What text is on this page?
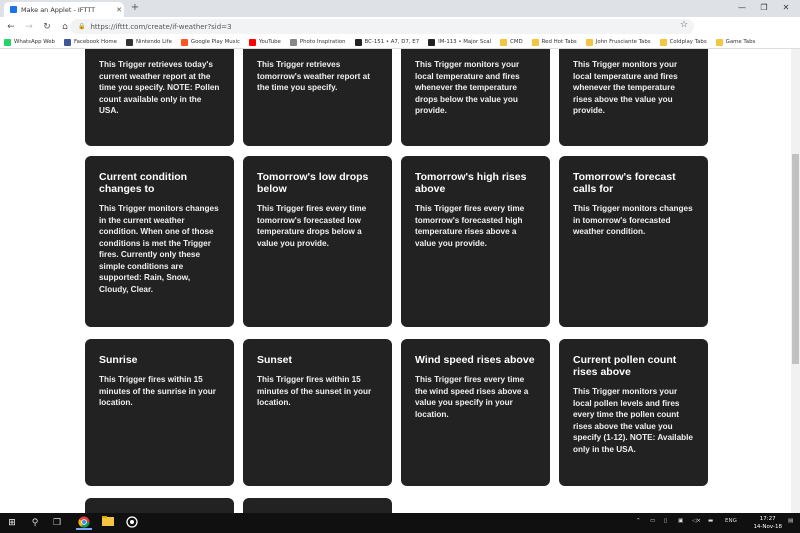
Make an Applet - IFTTT	✕ +	—	❐	✕
←	→	↻	⌂	🔒 https://ifttt.com/create/if-weather?sid=3	☆
WhatsApp Web	Facebook Home	Nintendo Life	Google Play Music	YouTube	Photo Inspiration	BC-151 • A7, D7, E7	IM-113 • Major Scal	CMD	Red Hot Tabs	John Frusciante Tabs	Coldplay Tabs	Game Tabs
This Trigger retrieves today's current weather report at the time you specify. NOTE: Pollen count available only in the USA.
This Trigger retrieves tomorrow's weather report at the time you specify.
This Trigger monitors your local temperature and fires whenever the temperature drops below the value you provide.
This Trigger monitors your local temperature and fires whenever the temperature rises above the value you provide.
Current condition changes to
This Trigger monitors changes in the current weather condition. When one of those conditions is met the Trigger fires. Currently only these simple conditions are supported: Rain, Snow, Cloudy, Clear.
Tomorrow's low drops below
This Trigger fires every time tomorrow's forecasted low temperature drops below a value you provide.
Tomorrow's high rises above
This Trigger fires every time tomorrow's forecasted high temperature rises above a value you provide.
Tomorrow's forecast calls for
This Trigger monitors changes in tomorrow's forecasted weather condition.
Sunrise
This Trigger fires within 15 minutes of the sunrise in your location.
Sunset
This Trigger fires within 15 minutes of the sunset in your location.
Wind speed rises above
This Trigger fires every time the wind speed rises above a value you specify in your location.
Current pollen count rises above
This Trigger monitors your local pollen levels and fires every time the pollen count rises above the value you specify (1-12). NOTE: Available only in the USA.
⊞	⚲	❒	⌃ ▭ ▯ ▣ ◁× ▬ ENG	17:27
14-Nov-18
▤
